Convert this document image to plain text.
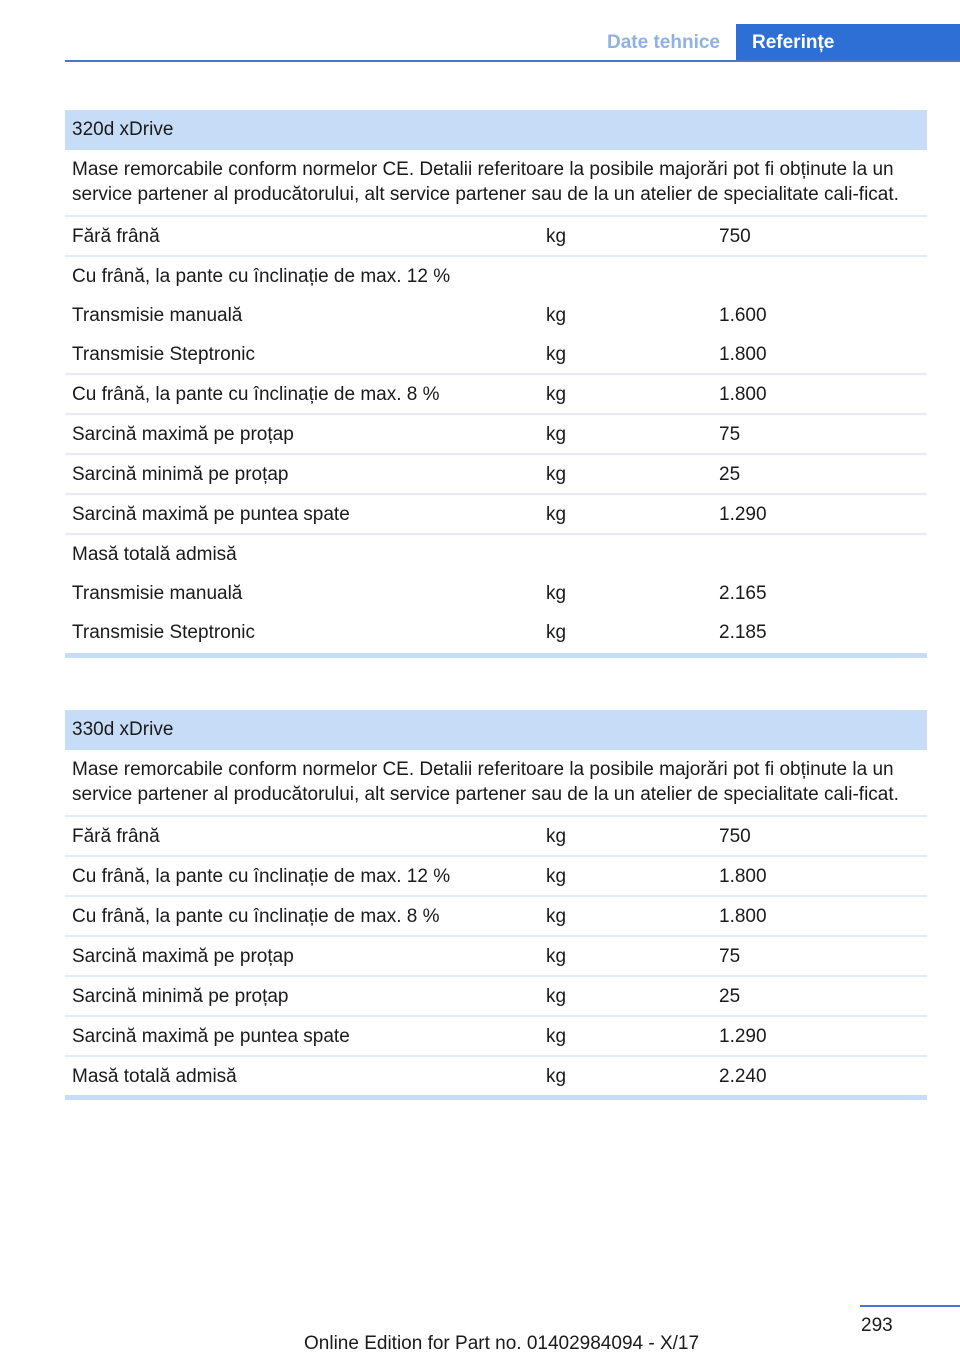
Date tehnice	Referințe
320d xDrive
Mase remorcabile conform normelor CE. Detalii referitoare la posibile majorări pot fi obținute la un service partener al producătorului, alt service partener sau de la un atelier de specialitate cali-ficat.
Fără frână	kg	750
Cu frână, la pante cu înclinație de max. 12 %
Transmisie manuală	kg	1.600
Transmisie Steptronic	kg	1.800
Cu frână, la pante cu înclinație de max. 8 %	kg	1.800
Sarcină maximă pe proțap	kg	75
Sarcină minimă pe proțap	kg	25
Sarcină maximă pe puntea spate	kg	1.290
Masă totală admisă
Transmisie manuală	kg	2.165
Transmisie Steptronic	kg	2.185
330d xDrive
Mase remorcabile conform normelor CE. Detalii referitoare la posibile majorări pot fi obținute la un service partener al producătorului, alt service partener sau de la un atelier de specialitate cali-ficat.
Fără frână	kg	750
Cu frână, la pante cu înclinație de max. 12 %	kg	1.800
Cu frână, la pante cu înclinație de max. 8 %	kg	1.800
Sarcină maximă pe proțap	kg	75
Sarcină minimă pe proțap	kg	25
Sarcină maximă pe puntea spate	kg	1.290
Masă totală admisă	kg	2.240
293
Online Edition for Part no. 01402984094 - X/17
